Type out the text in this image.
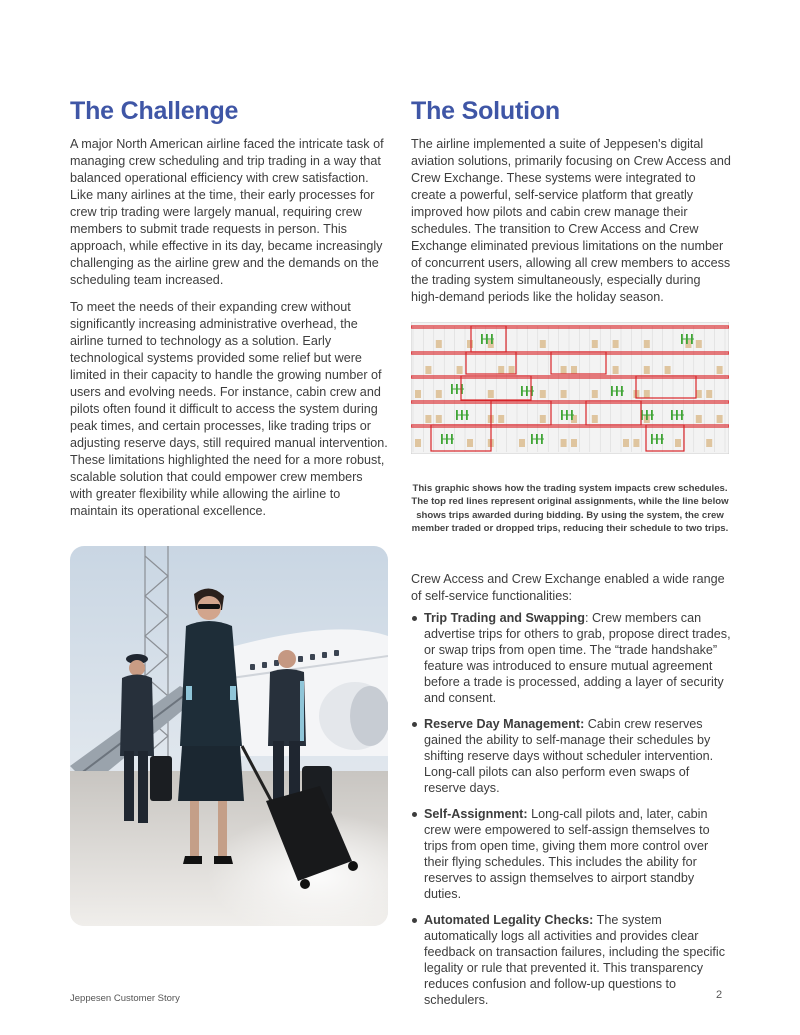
The Challenge

A major North American airline faced the intricate task of managing crew scheduling and trip trading in a way that balanced operational efficiency with crew satisfaction. Like many airlines at the time, their early processes for crew trip trading were largely manual, requiring crew members to submit trade requests in person. This approach, while effective in its day, became increasingly challenging as the airline grew and the demands on the scheduling team increased.

To meet the needs of their expanding crew without significantly increasing administrative overhead, the airline turned to technology as a solution. Early technological systems provided some relief but were limited in their capacity to handle the growing number of users and evolving needs. For instance, cabin crew and pilots often found it difficult to access the system during peak times, and certain processes, like trading trips or adjusting reserve days, still required manual intervention. These limitations highlighted the need for a more robust, scalable solution that could empower crew members with greater flexibility while allowing the airline to maintain its operational excellence.

The Solution

The airline implemented a suite of Jeppesen's digital aviation solutions, primarily focusing on Crew Access and Crew Exchange. These systems were integrated to create a powerful, self-service platform that greatly improved how pilots and cabin crew manage their schedules. The transition to Crew Access and Crew Exchange eliminated previous limitations on the number of concurrent users, allowing all crew members to access the trading system simultaneously, especially during high-demand periods like the holiday season.

This graphic shows how the trading system impacts crew schedules. The top red lines represent original assignments, while the line below shows trips awarded during bidding. By using the system, the crew member traded or dropped trips, reducing their schedule to two trips.

Crew Access and Crew Exchange enabled a wide range of self-service functionalities:

Trip Trading and Swapping: Crew members can advertise trips for others to grab, propose direct trades, or swap trips from open time. The “trade handshake” feature was introduced to ensure mutual agreement before a trade is processed, adding a layer of security and consent.
Reserve Day Management: Cabin crew reserves gained the ability to self-manage their schedules by shifting reserve days without scheduler intervention. Long-call pilots can also perform even swaps of reserve days.
Self-Assignment: Long-call pilots and, later, cabin crew were empowered to self-assign themselves to trips from open time, giving them more control over their flying schedules. This includes the ability for reserves to assign themselves to airport standby duties.
Automated Legality Checks: The system automatically logs all activities and provides clear feedback on transaction failures, including the specific legality or rule that prevented it. This transparency reduces confusion and follow-up questions to schedulers.
Jeppesen Customer Story	2
